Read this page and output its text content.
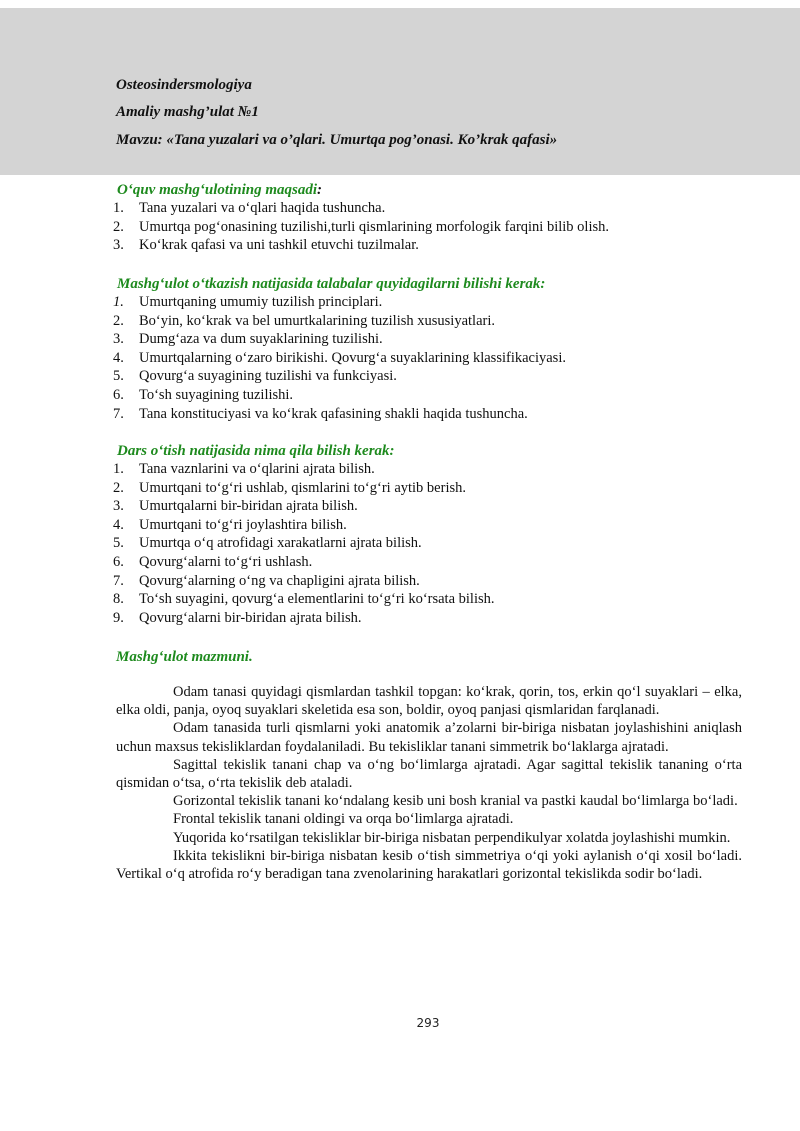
Osteosindersmologiya
Amaliy mashg’ulat №1
Mavzu: «Tana yuzalari va o’qlari. Umurtqa pog’onasi. Ko’krak qafasi»
O‘quv mashg‘ulotining maqsadi:
1.	Tana yuzalari va o‘qlari haqida tushuncha.
2.	Umurtqa pog‘onasining tuzilishi,turli qismlarining morfologik farqini bilib olish.
3.	Ko‘krak qafasi va uni tashkil etuvchi tuzilmalar.
Mashg‘ulot o‘tkazish natijasida talabalar quyidagilarni bilishi kerak:
1.	Umurtqaning umumiy tuzilish principlari.
2.	Bo‘yin, ko‘krak va bel umurtkalarining tuzilish xususiyatlari.
3.	Dumg‘aza va dum suyaklarining tuzilishi.
4.	Umurtqalarning o‘zaro birikishi. Qovurg‘a suyaklarining klassifikaciyasi.
5.	Qovurg‘a suyagining tuzilishi va funkciyasi.
6.	To‘sh suyagining tuzilishi.
7.	Tana konstituciyasi va ko‘krak qafasining shakli haqida tushuncha.
Dars o‘tish natijasida nima qila bilish kerak:
1.	Tana vaznlarini va o‘qlarini ajrata bilish.
2.	Umurtqani to‘g‘ri ushlab, qismlarini to‘g‘ri aytib berish.
3.	Umurtqalarni bir-biridan ajrata bilish.
4.	Umurtqani to‘g‘ri joylashtira bilish.
5.	Umurtqa o‘q atrofidagi xarakatlarni ajrata bilish.
6.	Qovurg‘alarni to‘g‘ri ushlash.
7.	Qovurg‘alarning o‘ng va chapligini ajrata bilish.
8.	To‘sh suyagini, qovurg‘a elementlarini to‘g‘ri ko‘rsata bilish.
9.	Qovurg‘alarni bir-biridan ajrata bilish.
Mashg‘ulot mazmuni.

Odam tanasi quyidagi qismlardan tashkil topgan: ko‘krak, qorin, tos, erkin qo‘l suyaklari – elka, elka oldi, panja, oyoq suyaklari skeletida esa son, boldir, oyoq panjasi qismlaridan farqlanadi.

Odam tanasida turli qismlarni yoki anatomik a’zolarni bir-biriga nisbatan joylashishini aniqlash uchun maxsus tekisliklardan foydalaniladi. Bu tekisliklar tanani simmetrik bo‘laklarga ajratadi.

Sagittal tekislik tanani chap va o‘ng bo‘limlarga ajratadi. Agar sagittal tekislik tananing o‘rta qismidan o‘tsa, o‘rta tekislik deb ataladi.

Gorizontal tekislik tanani ko‘ndalang kesib uni bosh kranial va pastki kaudal bo‘limlarga bo‘ladi.

Frontal tekislik tanani oldingi va orqa bo‘limlarga ajratadi.

Yuqorida ko‘rsatilgan tekisliklar bir-biriga nisbatan perpendikulyar xolatda joylashishi mumkin.

Ikkita tekislikni bir-biriga nisbatan kesib o‘tish simmetriya o‘qi yoki aylanish o‘qi xosil bo‘ladi. Vertikal o‘q atrofida ro‘y beradigan tana zvenolarining harakatlari gorizontal tekislikda sodir bo‘ladi.

293
